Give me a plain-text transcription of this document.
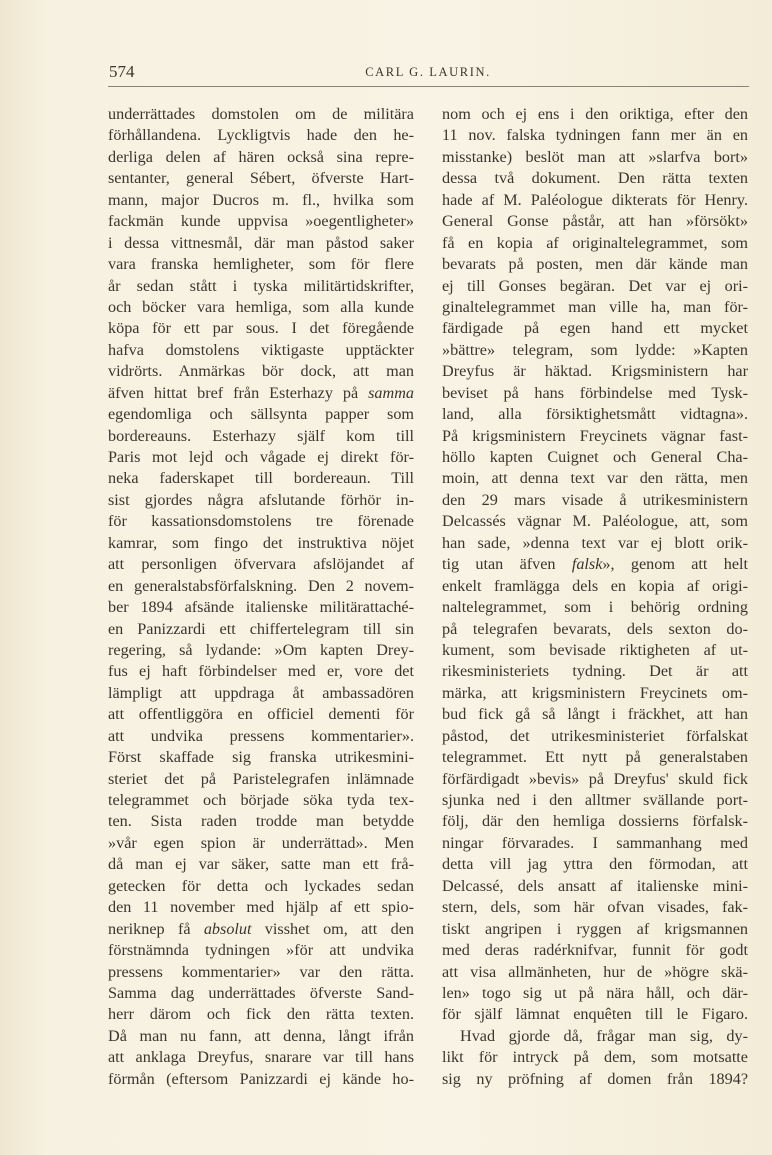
574	CARL G. LAURIN.
underrättades domstolen om de militära
förhållandena. Lyckligtvis hade den he-
derliga delen af hären också sina repre-
sentanter, general Sébert, öfverste Hart-
mann, major Ducros m. fl., hvilka som
fackmän kunde uppvisa »oegentligheter»
i dessa vittnesmål, där man påstod saker
vara franska hemligheter, som för flere
år sedan stått i tyska militärtidskrifter,
och böcker vara hemliga, som alla kunde
köpa för ett par sous. I det föregående
hafva domstolens viktigaste upptäckter
vidrörts. Anmärkas bör dock, att man
äfven hittat bref från Esterhazy på samma
egendomliga och sällsynta papper som
bordereauns. Esterhazy själf kom till
Paris mot lejd och vågade ej direkt för-
neka faderskapet till bordereaun. Till
sist gjordes några afslutande förhör in-
för kassationsdomstolens tre förenade
kamrar, som fingo det instruktiva nöjet
att personligen öfvervara afslöjandet af
en generalstabsförfalskning. Den 2 novem-
ber 1894 afsände italienske militärattaché-
en Panizzardi ett chiffertelegram till sin
regering, så lydande: »Om kapten Drey-
fus ej haft förbindelser med er, vore det
lämpligt att uppdraga åt ambassadören
att offentliggöra en officiel dementi för
att undvika pressens kommentarier».
Först skaffade sig franska utrikesmini-
steriet det på Paristelegrafen inlämnade
telegrammet och började söka tyda tex-
ten. Sista raden trodde man betydde
»vår egen spion är underrättad». Men
då man ej var säker, satte man ett frå-
getecken för detta och lyckades sedan
den 11 november med hjälp af ett spio-
neriknep få absolut visshet om, att den
förstnämnda tydningen »för att undvika
pressens kommentarier» var den rätta.
Samma dag underrättades öfverste Sand-
herr därom och fick den rätta texten.
Då man nu fann, att denna, långt ifrån
att anklaga Dreyfus, snarare var till hans
förmån (eftersom Panizzardi ej kände ho-
nom och ej ens i den oriktiga, efter den
11 nov. falska tydningen fann mer än en
misstanke) beslöt man att »slarfva bort»
dessa två dokument. Den rätta texten
hade af M. Paléologue dikterats för Henry.
General Gonse påstår, att han »försökt»
få en kopia af originaltelegrammet, som
bevarats på posten, men där kände man
ej till Gonses begäran. Det var ej ori-
ginaltelegrammet man ville ha, man för-
färdigade på egen hand ett mycket
»bättre» telegram, som lydde: »Kapten
Dreyfus är häktad. Krigsministern har
beviset på hans förbindelse med Tysk-
land, alla försiktighetsmått vidtagna».
På krigsministern Freycinets vägnar fast-
höllo kapten Cuignet och General Cha-
moin, att denna text var den rätta, men
den 29 mars visade å utrikesministern
Delcassés vägnar M. Paléologue, att, som
han sade, »denna text var ej blott orik-
tig utan äfven falsk», genom att helt
enkelt framlägga dels en kopia af origi-
naltelegrammet, som i behörig ordning
på telegrafen bevarats, dels sexton do-
kument, som bevisade riktigheten af ut-
rikesministeriets tydning. Det är att
märka, att krigsministern Freycinets om-
bud fick gå så långt i fräckhet, att han
påstod, det utrikesministeriet förfalskat
telegrammet. Ett nytt på generalstaben
förfärdigadt »bevis» på Dreyfus' skuld fick
sjunka ned i den alltmer svällande port-
följ, där den hemliga dossierns förfalsk-
ningar förvarades. I sammanhang med
detta vill jag yttra den förmodan, att
Delcassé, dels ansatt af italienske mini-
stern, dels, som här ofvan visades, fak-
tiskt angripen i ryggen af krigsmannen
med deras radérknifvar, funnit för godt
att visa allmänheten, hur de »högre skä-
len» togo sig ut på nära håll, och där-
för själf lämnat enquêten till le Figaro.
Hvad gjorde då, frågar man sig, dy-
likt för intryck på dem, som motsatte
sig ny pröfning af domen från 1894?
